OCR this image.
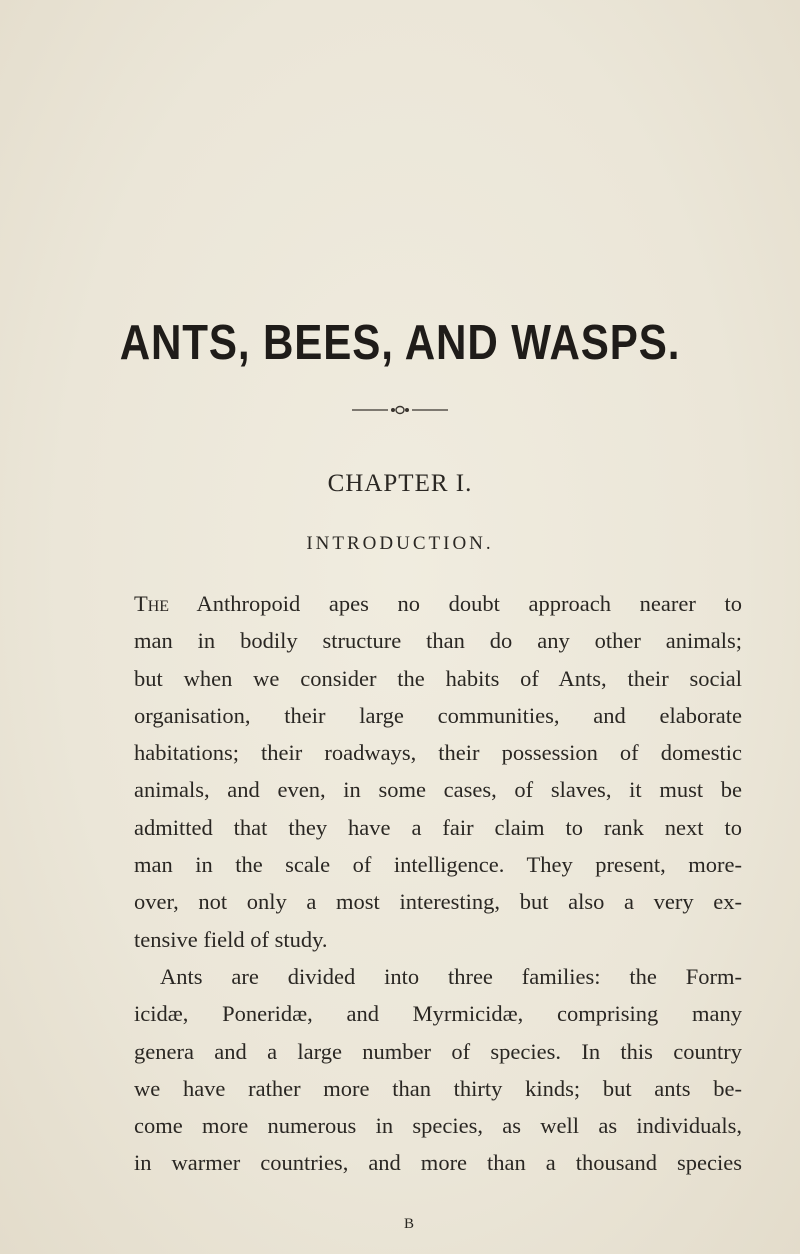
ANTS, BEES, AND WASPS.
CHAPTER I.
INTRODUCTION.
The Anthropoid apes no doubt approach nearer to
man in bodily structure than do any other animals;
but when we consider the habits of Ants, their social
organisation, their large communities, and elaborate
habitations; their roadways, their possession of domestic
animals, and even, in some cases, of slaves, it must be
admitted that they have a fair claim to rank next to
man in the scale of intelligence. They present, more-
over, not only a most interesting, but also a very ex-
tensive field of study.
Ants are divided into three families: the Form-
icidæ, Poneridæ, and Myrmicidæ, comprising many
genera and a large number of species. In this country
we have rather more than thirty kinds; but ants be-
come more numerous in species, as well as individuals,
in warmer countries, and more than a thousand species
B
